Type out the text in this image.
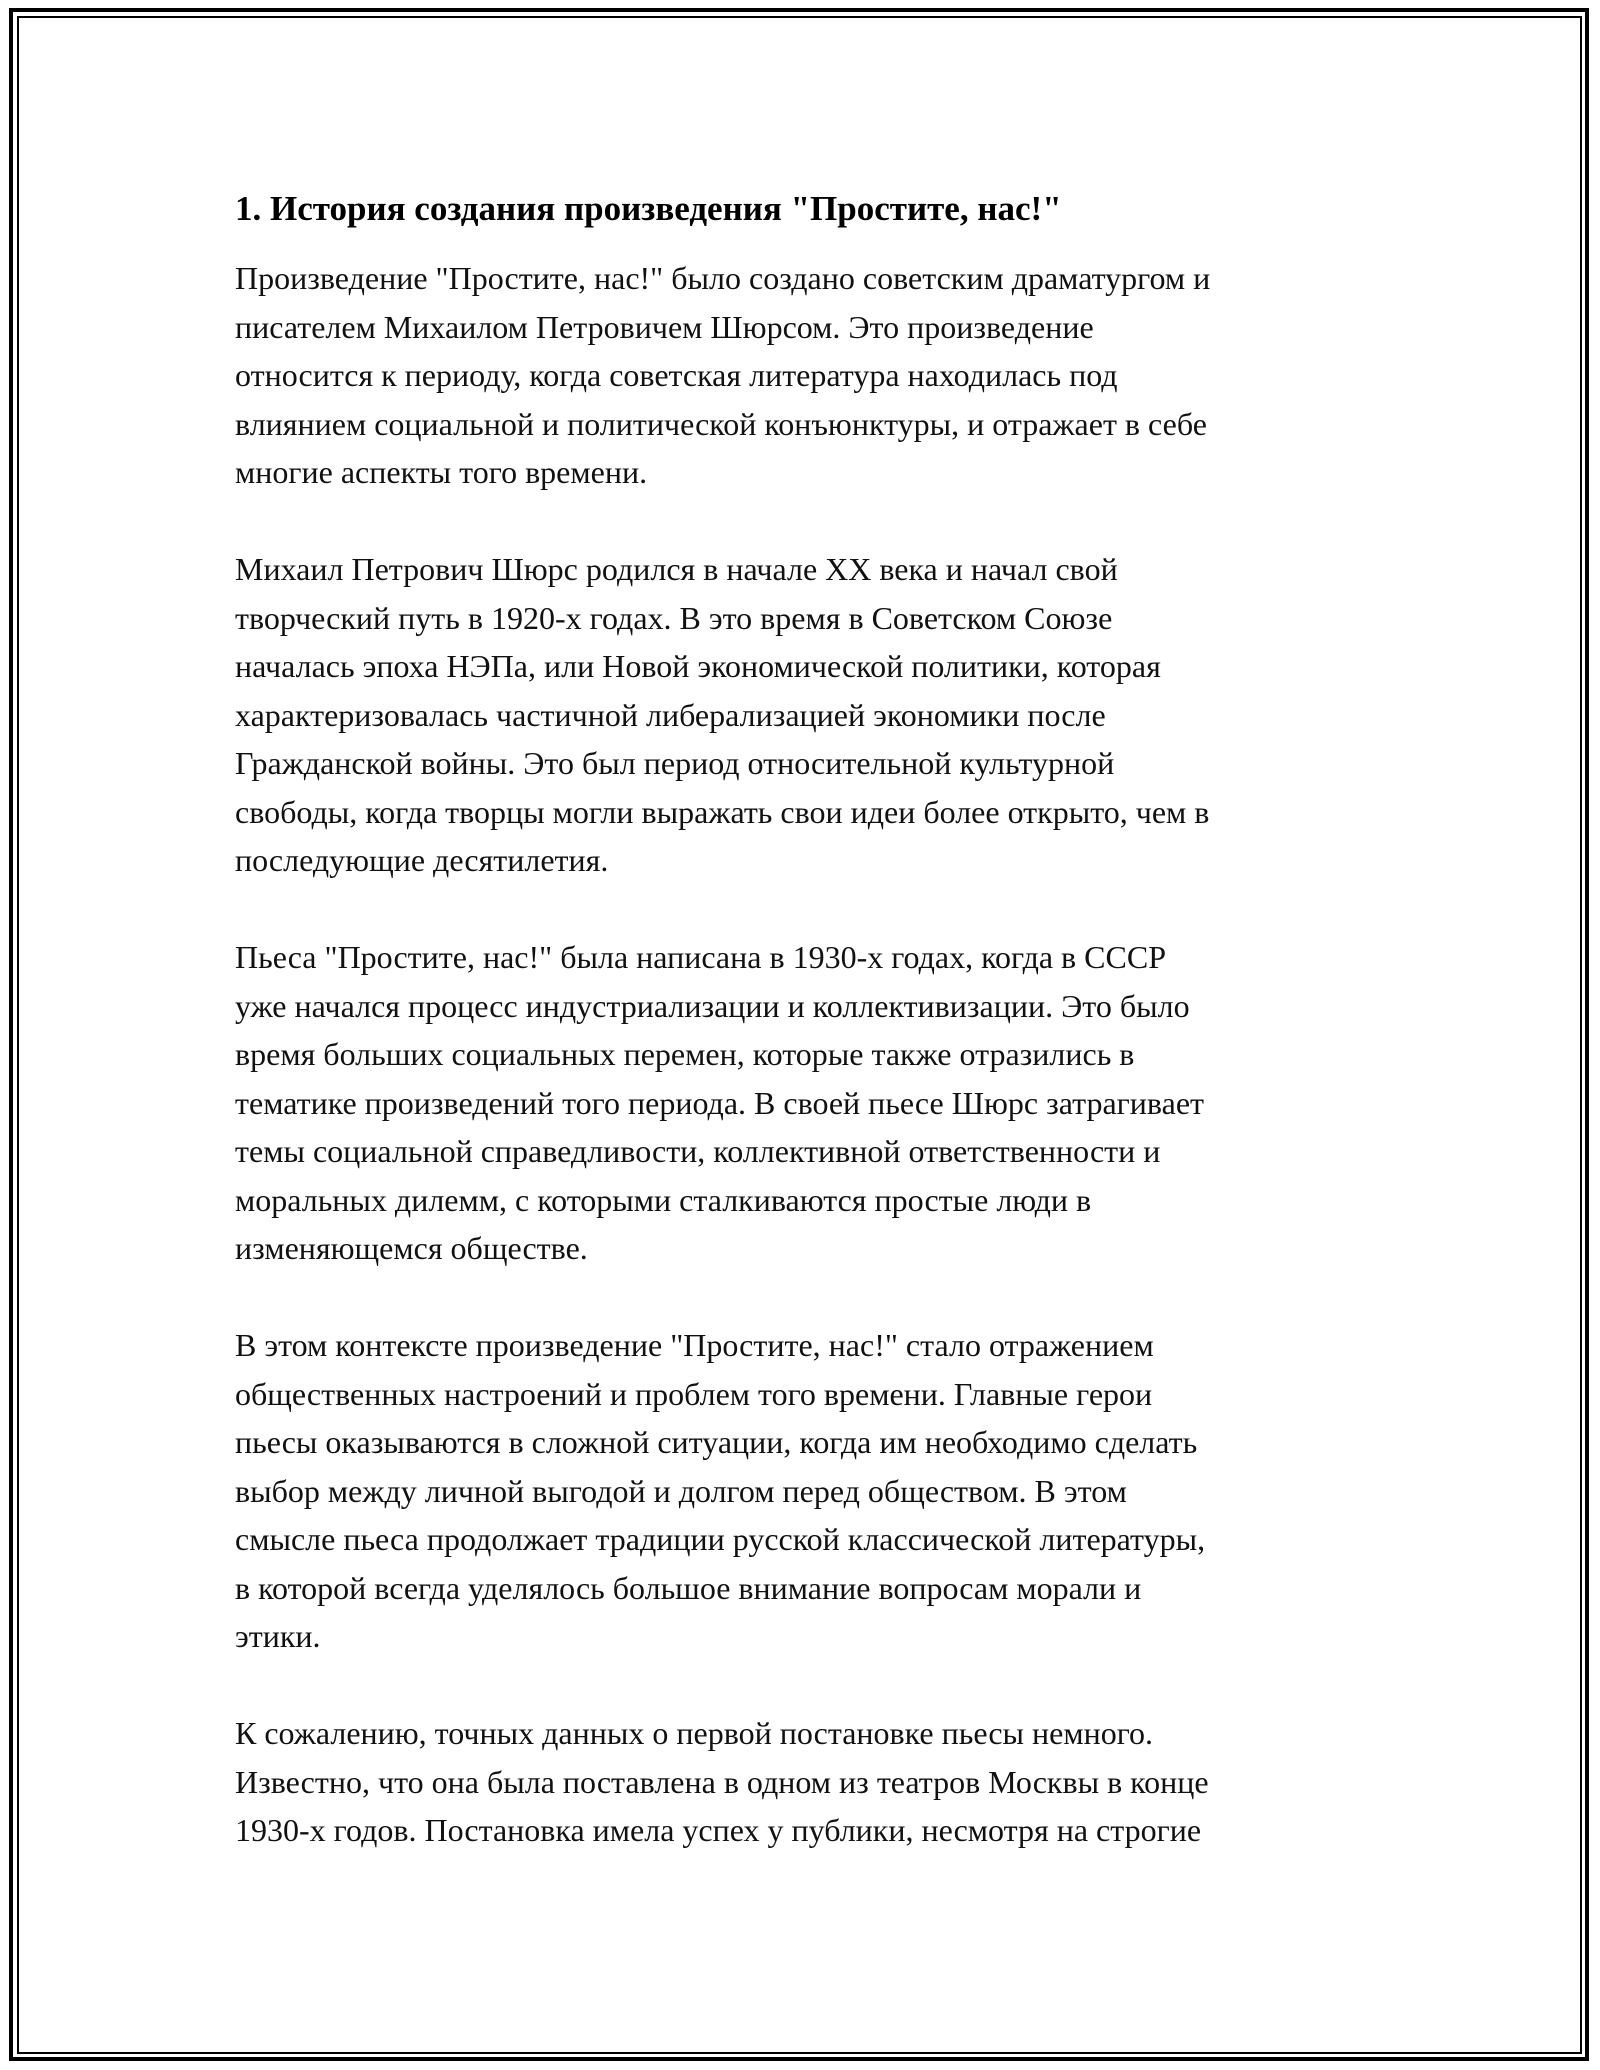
1. История создания произведения "Простите, нас!"

Произведение "Простите, нас!" было создано советским драматургом и
писателем Михаилом Петровичем Шюрсом. Это произведение
относится к периоду, когда советская литература находилась под
влиянием социальной и политической конъюнктуры, и отражает в себе
многие аспекты того времени.

Михаил Петрович Шюрс родился в начале XX века и начал свой
творческий путь в 1920-х годах. В это время в Советском Союзе
началась эпоха НЭПа, или Новой экономической политики, которая
характеризовалась частичной либерализацией экономики после
Гражданской войны. Это был период относительной культурной
свободы, когда творцы могли выражать свои идеи более открыто, чем в
последующие десятилетия.

Пьеса "Простите, нас!" была написана в 1930-х годах, когда в СССР
уже начался процесс индустриализации и коллективизации. Это было
время больших социальных перемен, которые также отразились в
тематике произведений того периода. В своей пьесе Шюрс затрагивает
темы социальной справедливости, коллективной ответственности и
моральных дилемм, с которыми сталкиваются простые люди в
изменяющемся обществе.

В этом контексте произведение "Простите, нас!" стало отражением
общественных настроений и проблем того времени. Главные герои
пьесы оказываются в сложной ситуации, когда им необходимо сделать
выбор между личной выгодой и долгом перед обществом. В этом
смысле пьеса продолжает традиции русской классической литературы,
в которой всегда уделялось большое внимание вопросам морали и
этики.

К сожалению, точных данных о первой постановке пьесы немного.
Известно, что она была поставлена в одном из театров Москвы в конце
1930-х годов. Постановка имела успех у публики, несмотря на строгие
